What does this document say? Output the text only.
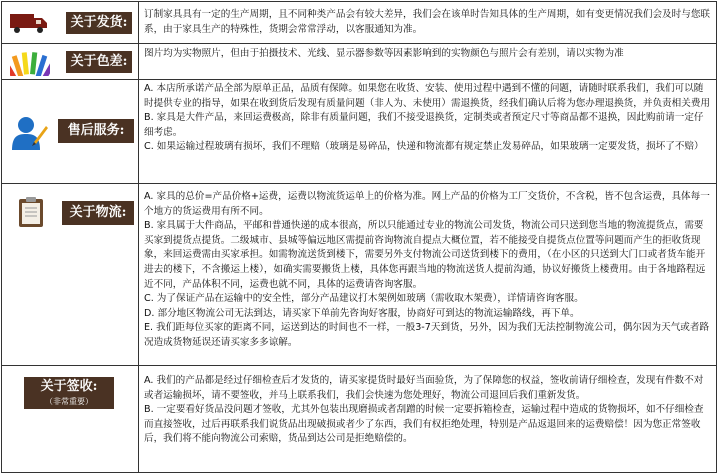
关于发货:

订制家具具有一定的生产周期，且不同种类产品会有较大差异，我们会在该单时告知具体的生产周期，如有变更情况我们会及时与您联系，由于家具生产的特殊性，货期会常常浮动，以客服通知为准。

关于色差:

图片均为实物照片，但由于拍摄技术、光线、显示器参数等因素影响到的实物颜色与照片会有差别，请以实物为准

售后服务:

A. 本店所承诺产品全部为原单正品，品质有保障。如果您在收货、安装、使用过程中遇到不懂的问题，请随时联系我们，我们可以随时提供专业的指导，如果在收到货后发现有质量问题（非人为、未使用）需退换货，经我们确认后将为您办理退换货，并负责相关费用

B. 家具是大件产品，来回运费极高，除非有质量问题，我们不接受退换货，定制类或者预定尺寸等商品都不退换，因此购前请一定仔细考虑。

C. 如果运输过程玻璃有损坏，我们不理赔（玻璃是易碎品，快递和物流都有规定禁止发易碎品，如果玻璃一定要发货，损坏了不赔）

关于物流:

A. 家具的总价=产品价格+运费，运费以物流货运单上的价格为准。网上产品的价格为工厂交货价，不含税，皆不包含运费，具体每一个地方的货运费用有所不同。

B. 家具属于大件商品，平邮和普通快递的成本很高，所以只能通过专业的物流公司发货，物流公司只送到您当地的物流提货点，需要买家到提货点提货。二级城市、县城等偏远地区需提前咨询物流自提点大概位置，若不能接受自提货点位置等问题而产生的拒收货现象，来回运费需由买家承担。如需物流送货到楼下，需要另外支付物流公司送货到楼下的费用，（在小区的只送到大门口或者货车能开进去的楼下，不含搬运上楼），如确实需要搬货上楼，具体您再跟当地的物流送货人提前沟通，协议好搬货上楼费用。由于各地路程远近不同，产品体积不同，运费也就不同，具体的运费请咨询客服。

C. 为了保证产品在运输中的安全性，部分产品建议打木架例如玻璃（需收取木架费），详情请咨询客服。

D. 部分地区物流公司无法到达，请买家下单前先咨询好客服，协商好可到达的物流运输路线，再下单。

E. 我们距每位买家的距离不同，运送到达的时间也不一样，一般3-7天到货，另外，因为我们无法控制物流公司，偶尔因为天气或者路况造成货物延误还请买家多多谅解。

关于签收:
（非常重要）

A. 我们的产品都是经过仔细检查后才发货的，请买家提货时最好当面验货，为了保障您的权益，签收前请仔细检查，发现有件数不对或者运输损坏，请不要签收，并马上联系我们，我们会快速为您处理好，物流公司退回后我们重新发货。

B. 一定要看好货品没问题才签收，尤其外包装出现磨损或者刮蹭的时候一定要拆箱检查，运输过程中造成的货物损坏，如不仔细检查而直接签收，过后再联系我们说货品出现破损或者少了东西，我们有权拒绝处理，特别是产品返退回来的运费赔偿！因为您正常签收后，我们将不能向物流公司索赔，货品到达公司是拒绝赔偿的。
